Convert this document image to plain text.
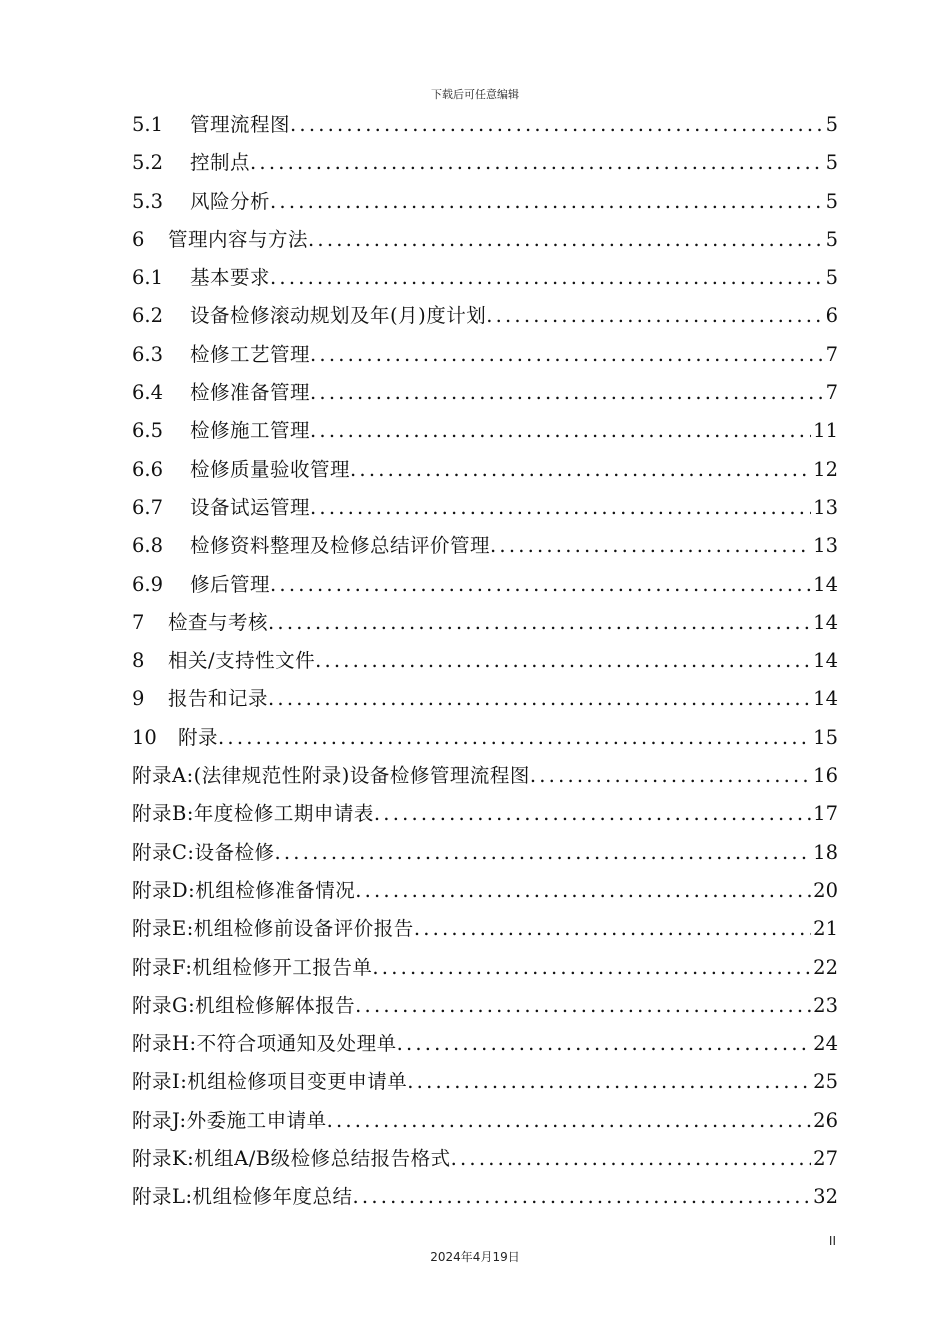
下载后可任意编辑
5.1	管理流程图 .....	5
5.2	控制点 .....	5
5.3	风险分析 .....	5
6	管理内容与方法 .....	5
6.1	基本要求 .....	5
6.2	设备检修滚动规划及年(月)度计划 .....	6
6.3	检修工艺管理 .....	7
6.4	检修准备管理 .....	7
6.5	检修施工管理 .....	11
6.6	检修质量验收管理 .....	12
6.7	设备试运管理 .....	13
6.8	检修资料整理及检修总结评价管理 .....	13
6.9	修后管理 .....	14
7	检查与考核 .....	14
8	相关/支持性文件 .....	14
9	报告和记录 .....	14
10	附录 .....	15
附录A:(法律规范性附录)设备检修管理流程图 .....	16
附录B:年度检修工期申请表 .....	17
附录C:设备检修 .....	18
附录D:机组检修准备情况 .....	20
附录E:机组检修前设备评价报告 .....	21
附录F:机组检修开工报告单 .....	22
附录G:机组检修解体报告 .....	23
附录H:不符合项通知及处理单 .....	24
附录I:机组检修项目变更申请单 .....	25
附录J:外委施工申请单 .....	26
附录K:机组A/B级检修总结报告格式 .....	27
附录L:机组检修年度总结 .....	32
II
2024年4月19日
